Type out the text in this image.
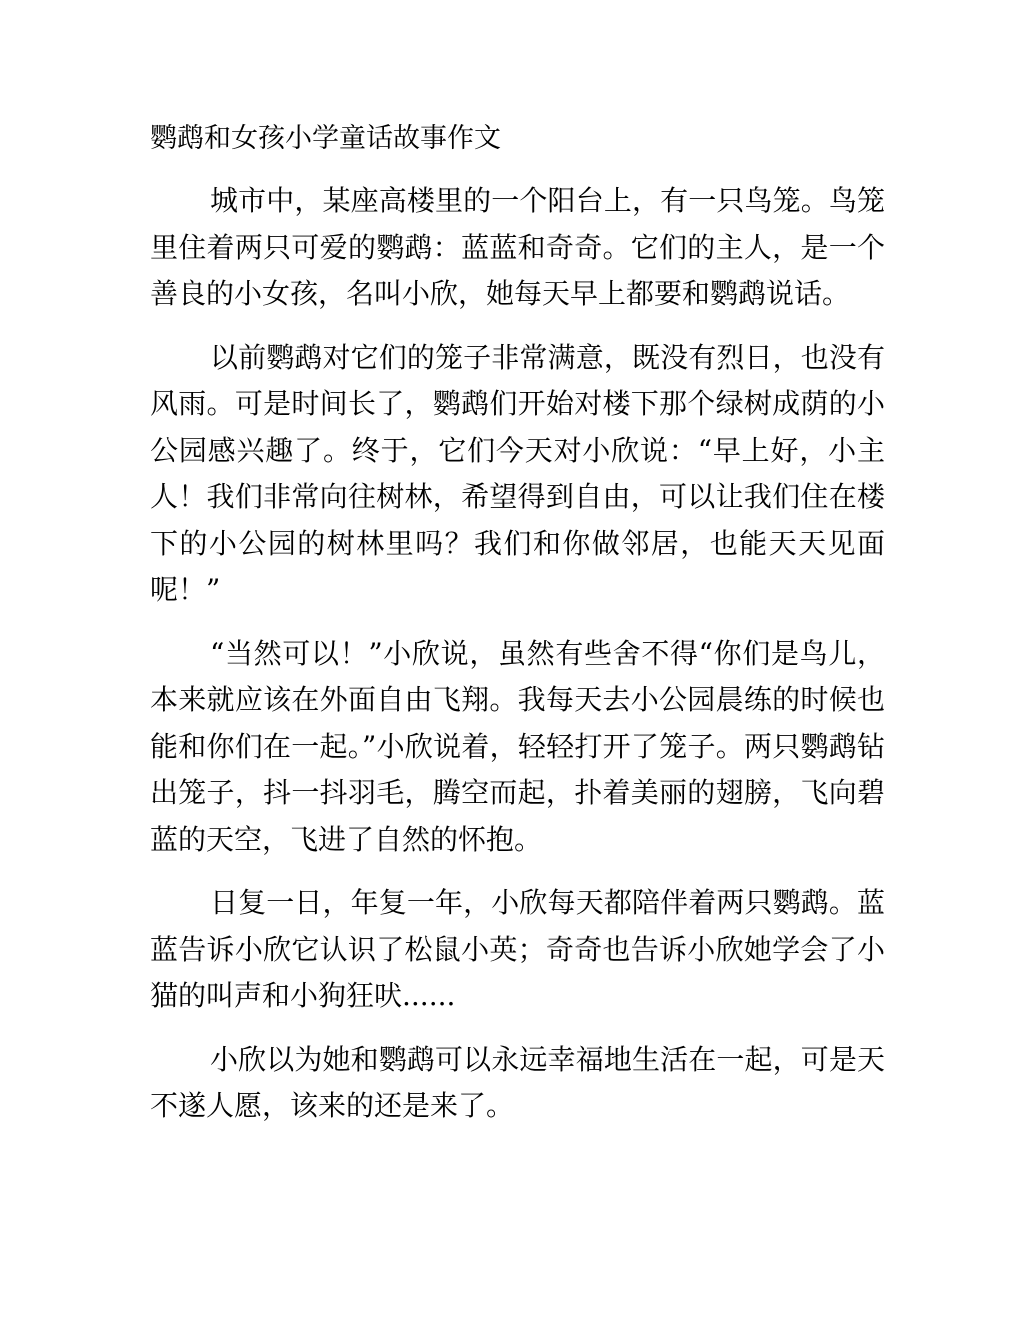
鹦鹉和女孩小学童话故事作文

城市中，某座高楼里的一个阳台上，有一只鸟笼。鸟笼里住着两只可爱的鹦鹉：蓝蓝和奇奇。它们的主人，是一个善良的小女孩，名叫小欣，她每天早上都要和鹦鹉说话。

以前鹦鹉对它们的笼子非常满意，既没有烈日，也没有风雨。可是时间长了，鹦鹉们开始对楼下那个绿树成荫的小公园感兴趣了。终于，它们今天对小欣说：“早上好，小主人！我们非常向往树林，希望得到自由，可以让我们住在楼下的小公园的树林里吗？我们和你做邻居，也能天天见面呢！”

“当然可以！”小欣说，虽然有些舍不得“你们是鸟儿，本来就应该在外面自由飞翔。我每天去小公园晨练的时候也能和你们在一起。”小欣说着，轻轻打开了笼子。两只鹦鹉钻出笼子，抖一抖羽毛，腾空而起，扑着美丽的翅膀，飞向碧蓝的天空，飞进了自然的怀抱。

日复一日，年复一年，小欣每天都陪伴着两只鹦鹉。蓝蓝告诉小欣它认识了松鼠小英；奇奇也告诉小欣她学会了小猫的叫声和小狗狂吠......

小欣以为她和鹦鹉可以永远幸福地生活在一起，可是天不遂人愿，该来的还是来了。
